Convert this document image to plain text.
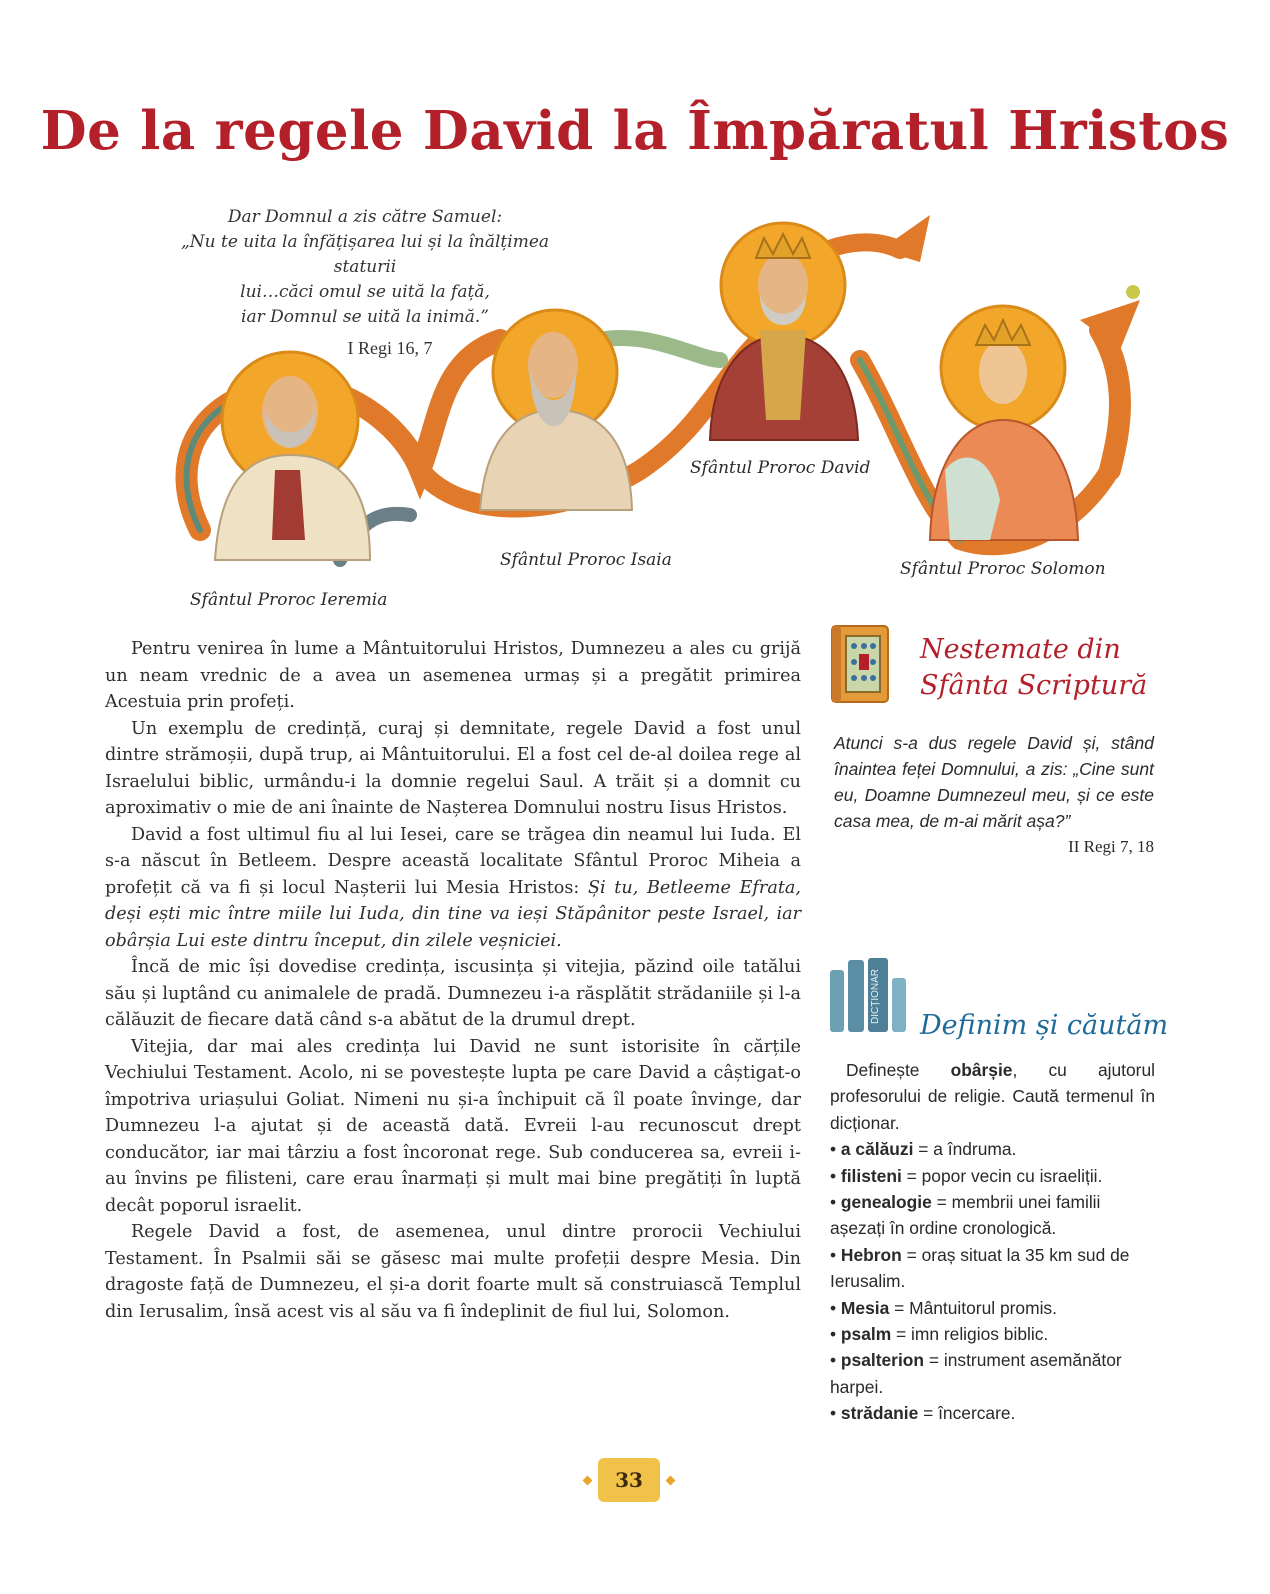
De la regele David la Împăratul Hristos
Dar Domnul a zis către Samuel:
„Nu te uita la înfățișarea lui și la înălțimea staturii
lui…căci omul se uită la față,
iar Domnul se uită la inimă.”
I Regi 16, 7
Sfântul Proroc Ieremia
Sfântul Proroc Isaia
Sfântul Proroc David
Sfântul Proroc Solomon

Pentru venirea în lume a Mântuitorului Hristos, Dumnezeu a ales cu grijă un neam vrednic de a avea un asemenea urmaș și a pregătit primirea Acestuia prin profeți.

Un exemplu de credință, curaj și demnitate, regele David a fost unul dintre strămoșii, după trup, ai Mântuitorului. El a fost cel de-al doilea rege al Israelului biblic, urmându-i la domnie regelui Saul. A trăit și a domnit cu aproximativ o mie de ani înainte de Nașterea Domnului nostru Iisus Hristos.

David a fost ultimul fiu al lui Iesei, care se trăgea din neamul lui Iuda. El s-a născut în Betleem. Despre această localitate Sfântul Proroc Miheia a profețit că va fi și locul Nașterii lui Mesia Hristos: Și tu, Betleeme Efrata, deși ești mic între miile lui Iuda, din tine va ieși Stăpânitor peste Israel, iar obârșia Lui este dintru început, din zilele veșniciei.

Încă de mic își dovedise credința, iscusința și vitejia, păzind oile tatălui său și luptând cu animalele de pradă. Dumnezeu i-a răsplătit strădaniile și l-a călăuzit de fiecare dată când s-a abătut de la drumul drept.

Vitejia, dar mai ales credința lui David ne sunt istorisite în cărțile Vechiului Testament. Acolo, ni se povestește lupta pe care David a câștigat-o împotriva uriașului Goliat. Nimeni nu și-a închipuit că îl poate învinge, dar Dumnezeu l-a ajutat și de această dată. Evreii l-au recunoscut drept conducător, iar mai târziu a fost încoronat rege. Sub conducerea sa, evreii i-au învins pe filisteni, care erau înarmați și mult mai bine pregătiți în luptă decât poporul israelit.

Regele David a fost, de asemenea, unul dintre prorocii Vechiului Testament. În Psalmii săi se găsesc mai multe profeții despre Mesia. Din dragoste față de Dumnezeu, el și-a dorit foarte mult să construiască Templul din Ierusalim, însă acest vis al său va fi îndeplinit de fiul lui, Solomon.

Nestemate din
Sfânta Scriptură
Atunci s-a dus regele David și, stând înaintea feței Domnului, a zis: „Cine sunt eu, Doamne Dumnezeul meu, și ce este casa mea, de m-ai mărit așa?”
II Regi 7, 18
DICȚIONAR
Definim și căutăm

Definește obârșie, cu ajutorul profesorului de religie. Caută termenul în dicționar.

• a călăuzi = a îndruma.

• filisteni = popor vecin cu israeliții.

• genealogie = membrii unei familii așezați în ordine cronologică.

• Hebron = oraș situat la 35 km sud de Ierusalim.

• Mesia = Mântuitorul promis.

• psalm = imn religios biblic.

• psalterion = instrument asemănător harpei.

• strădanie = încercare.

33
